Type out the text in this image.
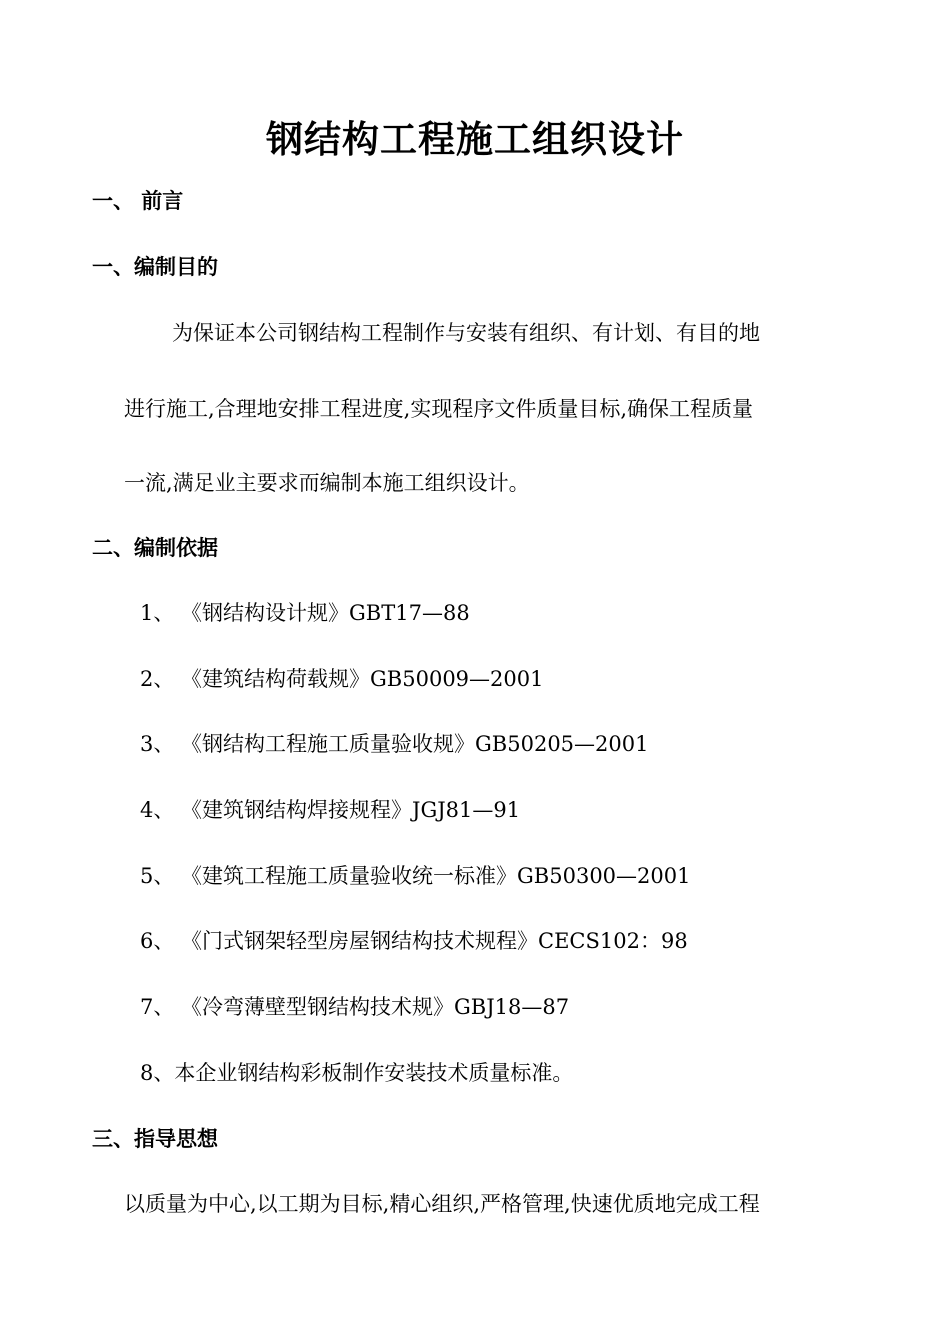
钢结构工程施工组织设计
一、 前言
一、编制目的
为保证本公司钢结构工程制作与安装有组织、有计划、有目的地
进行施工,合理地安排工程进度,实现程序文件质量目标,确保工程质量
一流,满足业主要求而编制本施工组织设计。
二、编制依据
1、 《钢结构设计规》GBT17—88
2、 《建筑结构荷载规》GB50009—2001
3、 《钢结构工程施工质量验收规》GB50205—2001
4、 《建筑钢结构焊接规程》JGJ81—91
5、 《建筑工程施工质量验收统一标准》GB50300—2001
6、 《门式钢架轻型房屋钢结构技术规程》CECS102：98
7、 《冷弯薄壁型钢结构技术规》GBJ18—87
8、本企业钢结构彩板制作安装技术质量标准。
三、指导思想
以质量为中心,以工期为目标,精心组织,严格管理,快速优质地完成工程
